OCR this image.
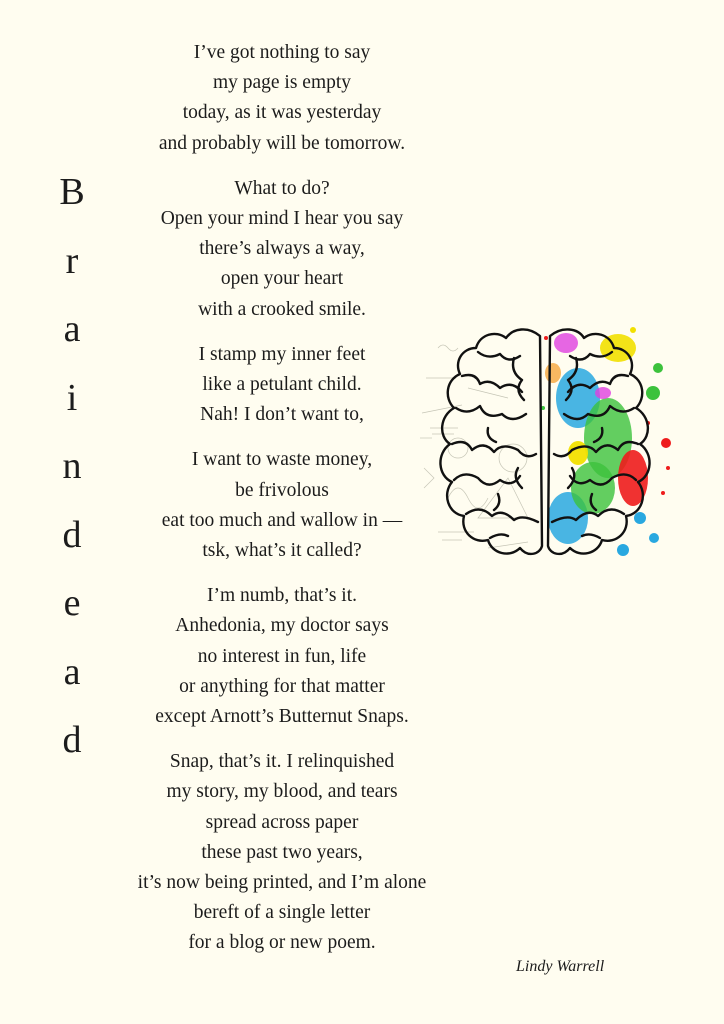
B
r
a
i
n
d
e
a
d
I’ve got nothing to say
my page is empty
today, as it was yesterday
and probably will be tomorrow.
What to do?
Open your mind I hear you say
there’s always a way,
open your heart
with a crooked smile.
I stamp my inner feet
like a petulant child.
Nah! I don’t want to,
I want to waste money,
be frivolous
eat too much and wallow in —
tsk, what’s it called?
I’m numb, that’s it.
Anhedonia, my doctor says
no interest in fun, life
or anything for that matter
except Arnott’s Butternut Snaps.
Snap, that’s it. I relinquished
my story, my blood, and tears
spread across paper
these past two years,
it’s now being printed, and I’m alone
bereft of a single letter
for a blog or new poem.
Lindy Warrell
